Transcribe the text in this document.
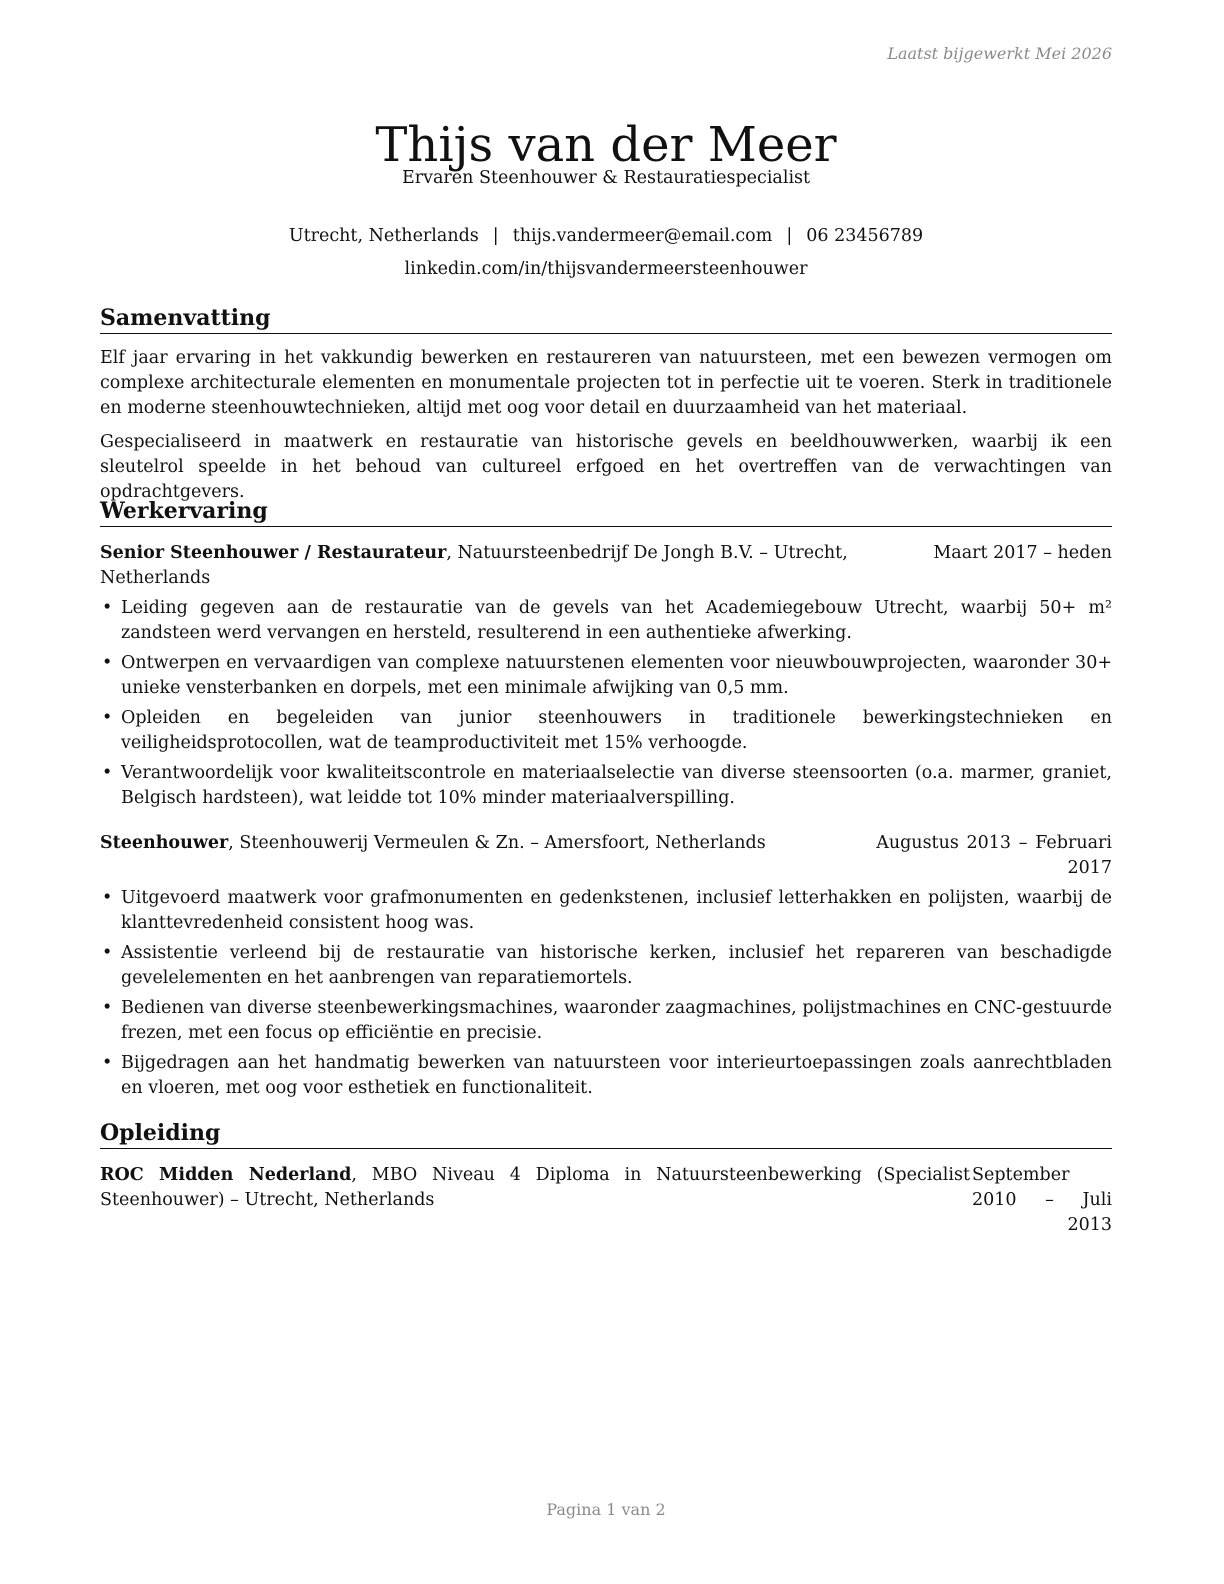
Laatst bijgewerkt Mei 2026
Thijs van der Meer
Ervaren Steenhouwer & Restauratiespecialist
Utrecht, Netherlands | thijs.vandermeer@email.com | 06 23456789
linkedin.com/in/thijsvandermeersteenhouwer
Samenvatting

Elf jaar ervaring in het vakkundig bewerken en restaureren van natuursteen, met een bewezen vermogen om complexe architecturale elementen en monumentale projecten tot in perfectie uit te voeren. Sterk in traditionele en moderne steenhouwtechnieken, altijd met oog voor detail en duurzaamheid van het materiaal.

Gespecialiseerd in maatwerk en restauratie van historische gevels en beeldhouwwerken, waarbij ik een sleutelrol speelde in het behoud van cultureel erfgoed en het overtreffen van de verwachtingen van opdrachtgevers.

Werkervaring
Senior Steenhouwer / Restaurateur, Natuursteenbedrijf De Jongh B.V. – Utrecht, Netherlands
Maart 2017 – heden
• Leiding gegeven aan de restauratie van de gevels van het Academiegebouw Utrecht, waarbij 50+ m² zandsteen werd vervangen en hersteld, resulterend in een authentieke afwerking.
• Ontwerpen en vervaardigen van complexe natuurstenen elementen voor nieuwbouwprojecten, waaronder 30+ unieke vensterbanken en dorpels, met een minimale afwijking van 0,5 mm.
• Opleiden en begeleiden van junior steenhouwers in traditionele bewerkingstechnieken en veiligheidsprotocollen, wat de teamproductiviteit met 15% verhoogde.
• Verantwoordelijk voor kwaliteitscontrole en materiaalselectie van diverse steensoorten (o.a. marmer, graniet, Belgisch hardsteen), wat leidde tot 10% minder materiaalverspilling.
Steenhouwer, Steenhouwerij Vermeulen & Zn. – Amersfoort, Netherlands	Augustus 2013 – Februari 2017
• Uitgevoerd maatwerk voor grafmonumenten en gedenkstenen, inclusief letterhakken en polijsten, waarbij de klanttevredenheid consistent hoog was.
• Assistentie verleend bij de restauratie van historische kerken, inclusief het repareren van beschadigde gevelelementen en het aanbrengen van reparatiemortels.
• Bedienen van diverse steenbewerkingsmachines, waaronder zaagmachines, polijstmachines en CNC-gestuurde frezen, met een focus op efficiëntie en precisie.
• Bijgedragen aan het handmatig bewerken van natuursteen voor interieurtoepassingen zoals aanrechtbladen en vloeren, met oog voor esthetiek en functionaliteit.
Opleiding
ROC Midden Nederland, MBO Niveau 4 Diploma in Natuursteenbewerking (Specialist Steenhouwer) – Utrecht, Netherlands
September 2010 – Juli 2013
Pagina 1 van 2
